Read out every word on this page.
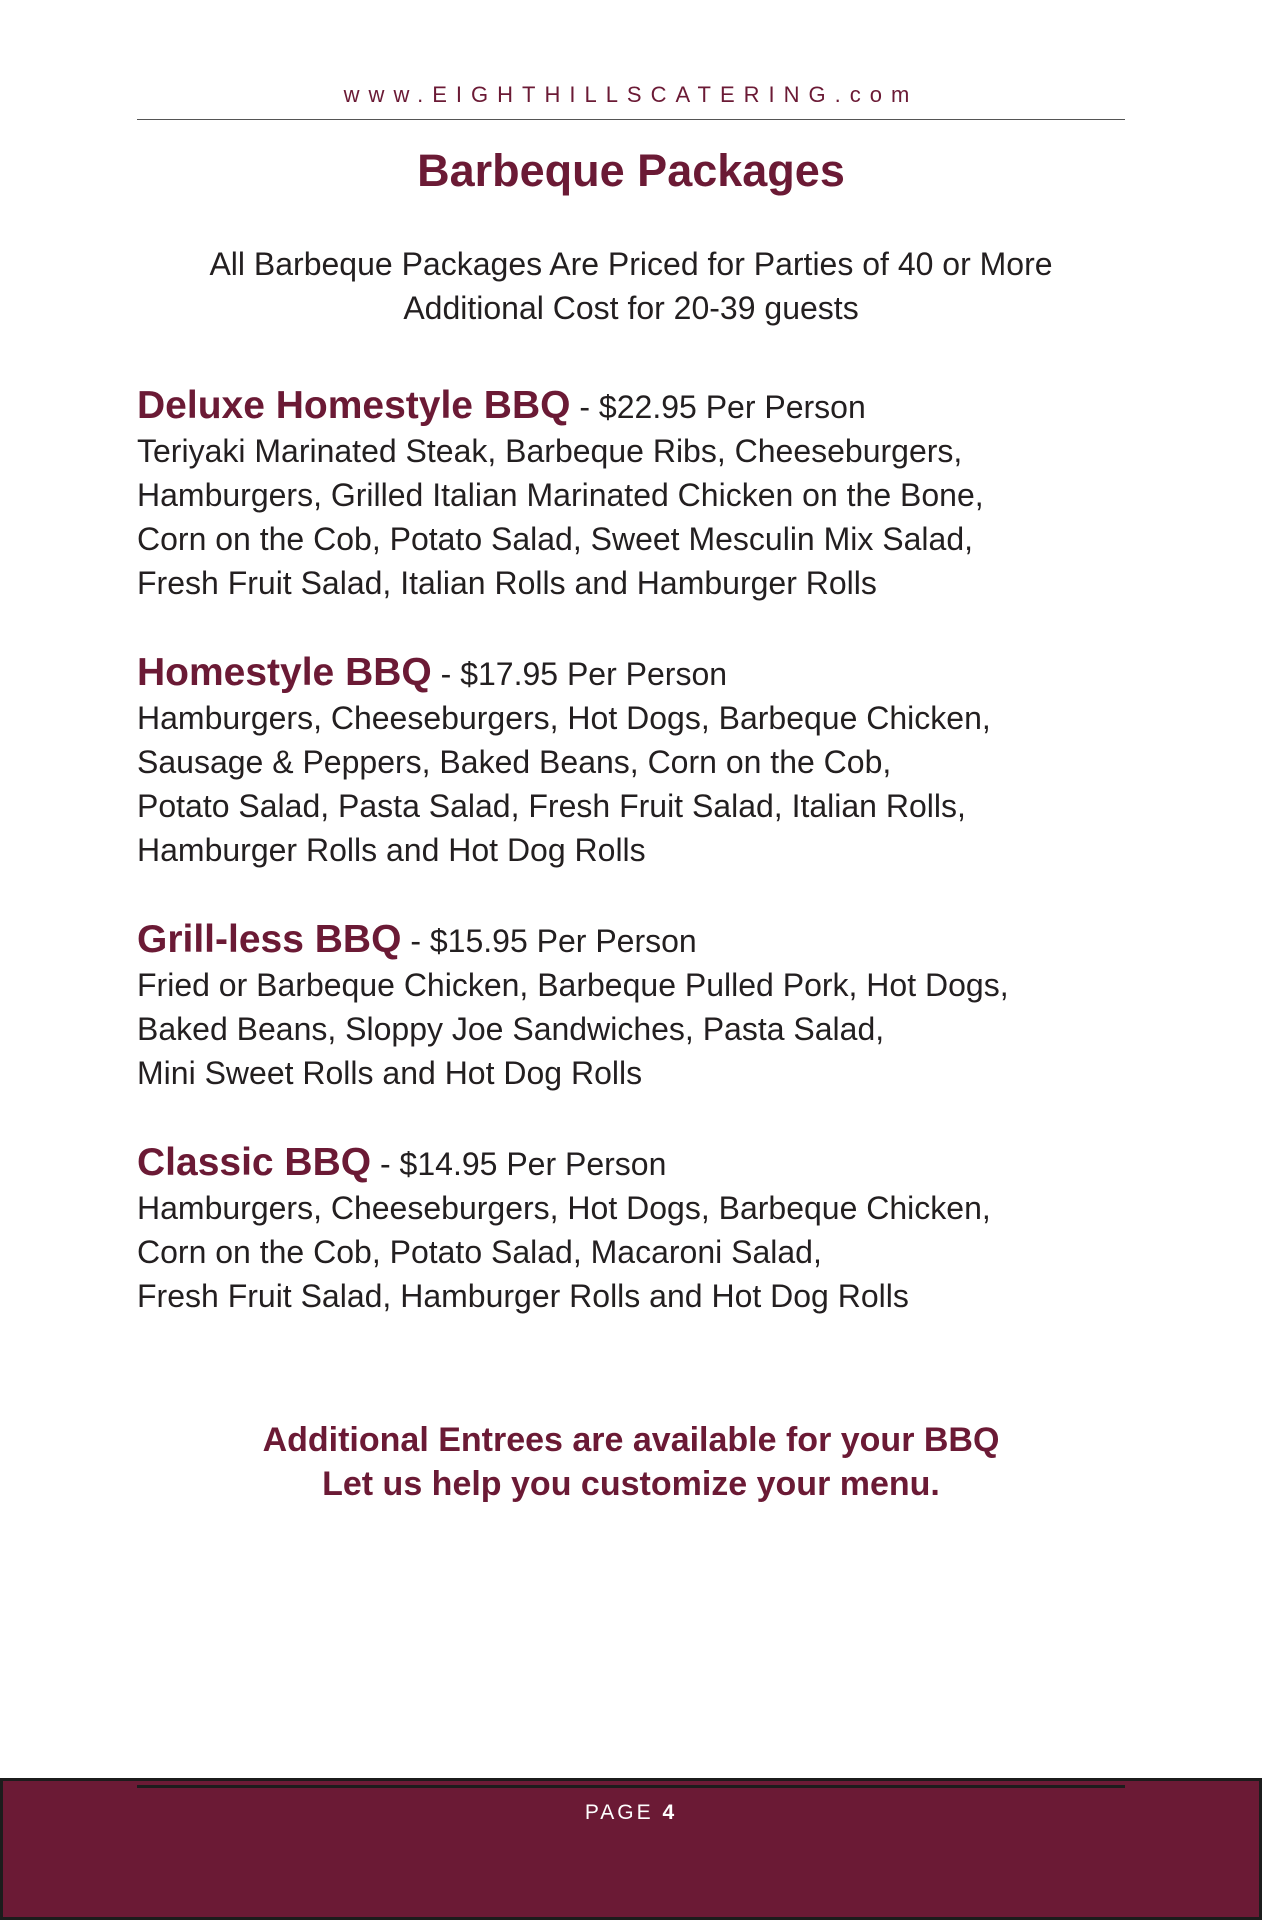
www.EIGHTHILLSCATERING.com
Barbeque Packages
All Barbeque Packages Are Priced for Parties of 40 or More
Additional Cost for 20-39 guests
Deluxe Homestyle BBQ - $22.95 Per Person
Teriyaki Marinated Steak, Barbeque Ribs, Cheeseburgers,
Hamburgers, Grilled Italian Marinated Chicken on the Bone,
Corn on the Cob, Potato Salad, Sweet Mesculin Mix Salad,
Fresh Fruit Salad, Italian Rolls and Hamburger Rolls
Homestyle BBQ - $17.95 Per Person
Hamburgers, Cheeseburgers, Hot Dogs, Barbeque Chicken,
Sausage & Peppers, Baked Beans, Corn on the Cob,
Potato Salad, Pasta Salad, Fresh Fruit Salad, Italian Rolls,
Hamburger Rolls and Hot Dog Rolls
Grill-less BBQ - $15.95 Per Person
Fried or Barbeque Chicken, Barbeque Pulled Pork, Hot Dogs,
Baked Beans, Sloppy Joe Sandwiches, Pasta Salad,
Mini Sweet Rolls and Hot Dog Rolls
Classic BBQ - $14.95 Per Person
Hamburgers, Cheeseburgers, Hot Dogs, Barbeque Chicken,
Corn on the Cob, Potato Salad, Macaroni Salad,
Fresh Fruit Salad, Hamburger Rolls and Hot Dog Rolls
Additional Entrees are available for your BBQ
Let us help you customize your menu.
PAGE 4
